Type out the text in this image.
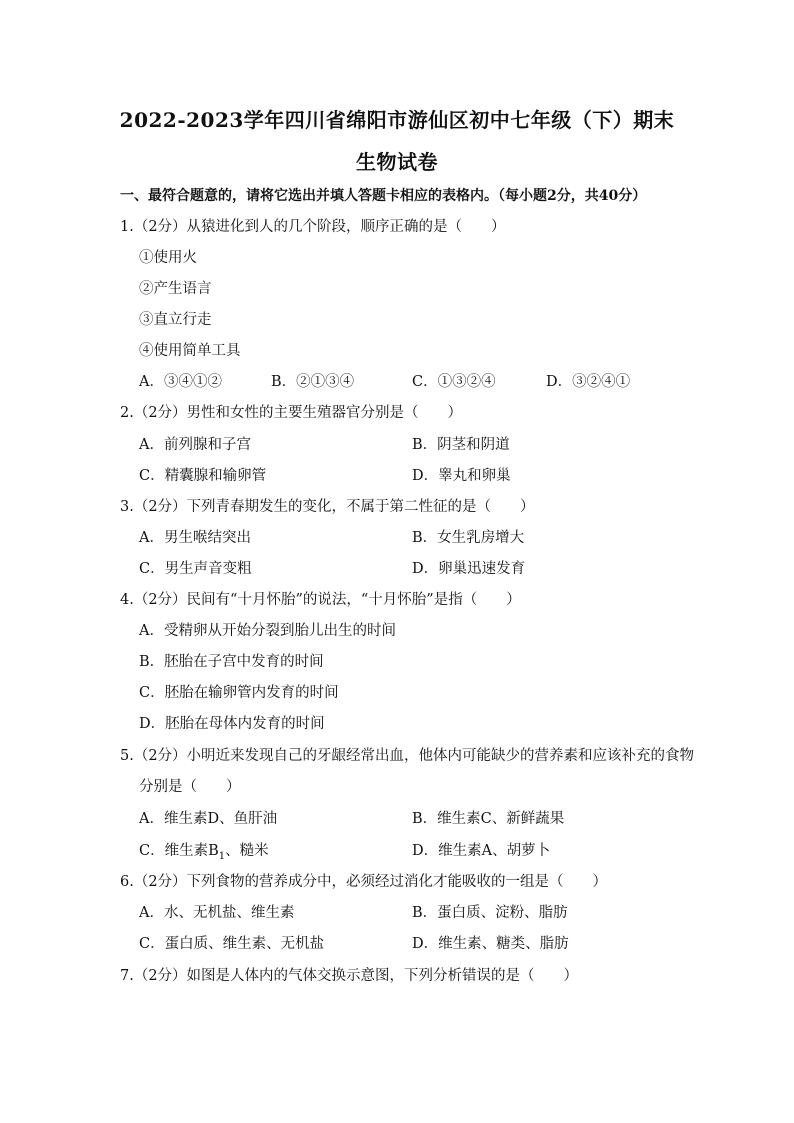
2022-2023学年四川省绵阳市游仙区初中七年级（下）期末
生物试卷
一、最符合题意的，请将它选出并填人答题卡相应的表格内。（每小题2分，共40分）
1.（2分）从猿进化到人的几个阶段，顺序正确的是（　　）
①使用火
②产生语言
③直立行走
④使用简单工具
A．③④①②	B．②①③④	C．①③②④	D．③②④①
2.（2分）男性和女性的主要生殖器官分别是（　　）
A．前列腺和子宫	B．阴茎和阴道
C．精囊腺和输卵管	D．睾丸和卵巢
3.（2分）下列青春期发生的变化，不属于第二性征的是（　　）
A．男生喉结突出	B．女生乳房增大
C．男生声音变粗	D．卵巢迅速发育
4.（2分）民间有“十月怀胎”的说法，“十月怀胎”是指（　　）
A．受精卵从开始分裂到胎儿出生的时间
B．胚胎在子宫中发育的时间
C．胚胎在输卵管内发育的时间
D．胚胎在母体内发育的时间
5.（2分）小明近来发现自己的牙龈经常出血，他体内可能缺少的营养素和应该补充的食物
分别是（　　）
A．维生素D、鱼肝油	B．维生素C、新鲜蔬果
C．维生素$B_1$、糙米	D．维生素A、胡萝卜
6.（2分）下列食物的营养成分中，必须经过消化才能吸收的一组是（　　）
A．水、无机盐、维生素	B．蛋白质、淀粉、脂肪
C．蛋白质、维生素、无机盐	D．维生素、糖类、脂肪
7.（2分）如图是人体内的气体交换示意图，下列分析错误的是（　　）
